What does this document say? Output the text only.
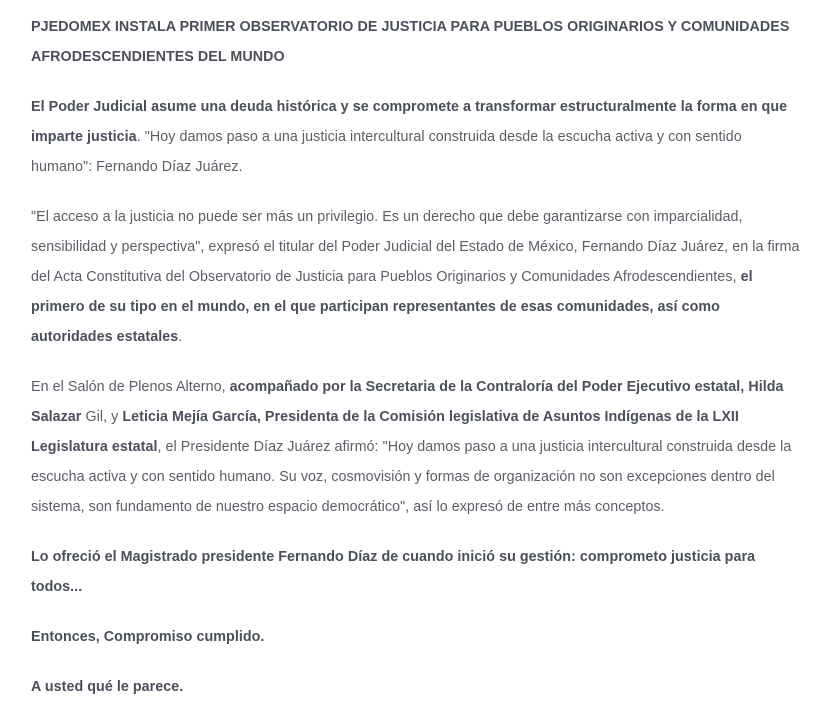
PJEDOMEX INSTALA PRIMER OBSERVATORIO DE JUSTICIA PARA PUEBLOS ORIGINARIOS Y COMUNIDADES AFRODESCENDIENTES DEL MUNDO

El Poder Judicial asume una deuda histórica y se compromete a transformar estructuralmente la forma en que imparte justicia. "Hoy damos paso a una justicia intercultural construida desde la escucha activa y con sentido humano": Fernando Díaz Juárez.

"El acceso a la justicia no puede ser más un privilegio. Es un derecho que debe garantizarse con imparcialidad, sensibilidad y perspectiva", expresó el titular del Poder Judicial del Estado de México, Fernando Díaz Juárez, en la firma del Acta Constitutiva del Observatorio de Justicia para Pueblos Originarios y Comunidades Afrodescendientes, el primero de su tipo en el mundo, en el que participan representantes de esas comunidades, así como autoridades estatales.

En el Salón de Plenos Alterno, acompañado por la Secretaria de la Contraloría del Poder Ejecutivo estatal, Hilda Salazar Gil, y Leticia Mejía García, Presidenta de la Comisión legislativa de Asuntos Indígenas de la LXII Legislatura estatal, el Presidente Díaz Juárez afirmó: "Hoy damos paso a una justicia intercultural construida desde la escucha activa y con sentido humano. Su voz, cosmovisión y formas de organización no son excepciones dentro del sistema, son fundamento de nuestro espacio democrático", así lo expresó de entre más conceptos.

Lo ofreció el Magistrado presidente Fernando Díaz de cuando inició su gestión: comprometo justicia para todos...

Entonces, Compromiso cumplido.

A usted qué le parece.
